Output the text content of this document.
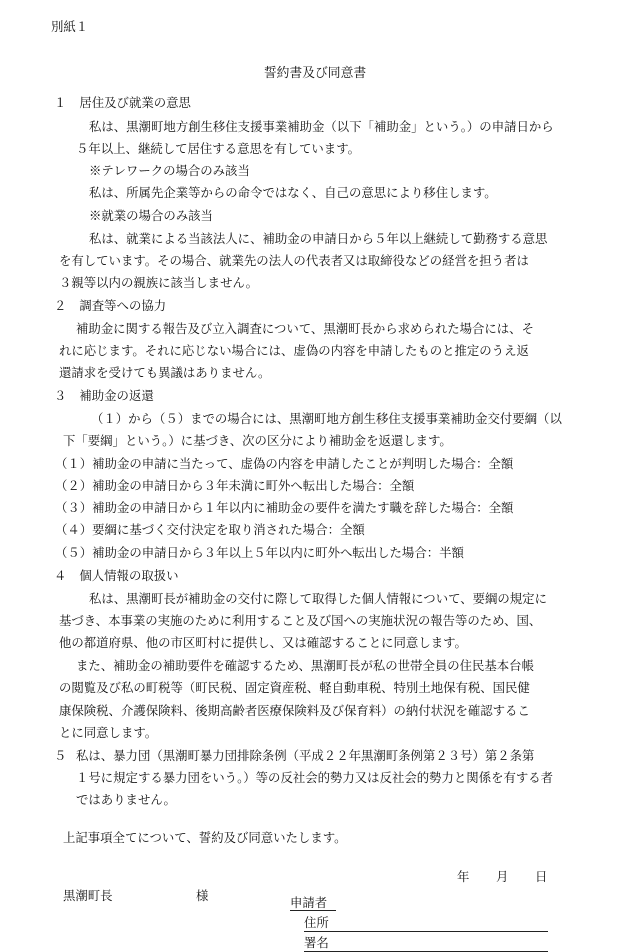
別紙１
誓約書及び同意書
１ 居住及び就業の意思
私は、黒潮町地方創生移住支援事業補助金（以下「補助金」という。）の申請日から
５年以上、継続して居住する意思を有しています。
※テレワークの場合のみ該当
私は、所属先企業等からの命令ではなく、自己の意思により移住します。
※就業の場合のみ該当
私は、就業による当該法人に、補助金の申請日から５年以上継続して勤務する意思
を有しています。その場合、就業先の法人の代表者又は取締役などの経営を担う者は
３親等以内の親族に該当しません。
２ 調査等への協力
補助金に関する報告及び立入調査について、黒潮町長から求められた場合には、そ
れに応じます。それに応じない場合には、虚偽の内容を申請したものと推定のうえ返
還請求を受けても異議はありません。
３ 補助金の返還
（１）から（５）までの場合には、黒潮町地方創生移住支援事業補助金交付要綱（以
下「要綱」という。）に基づき、次の区分により補助金を返還します。
（１）補助金の申請に当たって、虚偽の内容を申請したことが判明した場合：全額
（２）補助金の申請日から３年未満に町外へ転出した場合：全額
（３）補助金の申請日から１年以内に補助金の要件を満たす職を辞した場合：全額
（４）要綱に基づく交付決定を取り消された場合：全額
（５）補助金の申請日から３年以上５年以内に町外へ転出した場合：半額
４ 個人情報の取扱い
私は、黒潮町長が補助金の交付に際して取得した個人情報について、要綱の規定に
基づき、本事業の実施のために利用すること及び国への実施状況の報告等のため、国、
他の都道府県、他の市区町村に提供し、又は確認することに同意します。
また、補助金の補助要件を確認するため、黒潮町長が私の世帯全員の住民基本台帳
の閲覧及び私の町税等（町民税、固定資産税、軽自動車税、特別土地保有税、国民健
康保険税、介護保険料、後期高齢者医療保険料及び保育料）の納付状況を確認するこ
とに同意します。
５ 私は、暴力団（黒潮町暴力団排除条例（平成２２年黒潮町条例第２３号）第２条第
１号に規定する暴力団をいう。）等の反社会的勢力又は反社会的勢力と関係を有する者
ではありません。
上記事項全てについて、誓約及び同意いたします。
年 月 日
黒潮町長	様	申請者
住所
署名
